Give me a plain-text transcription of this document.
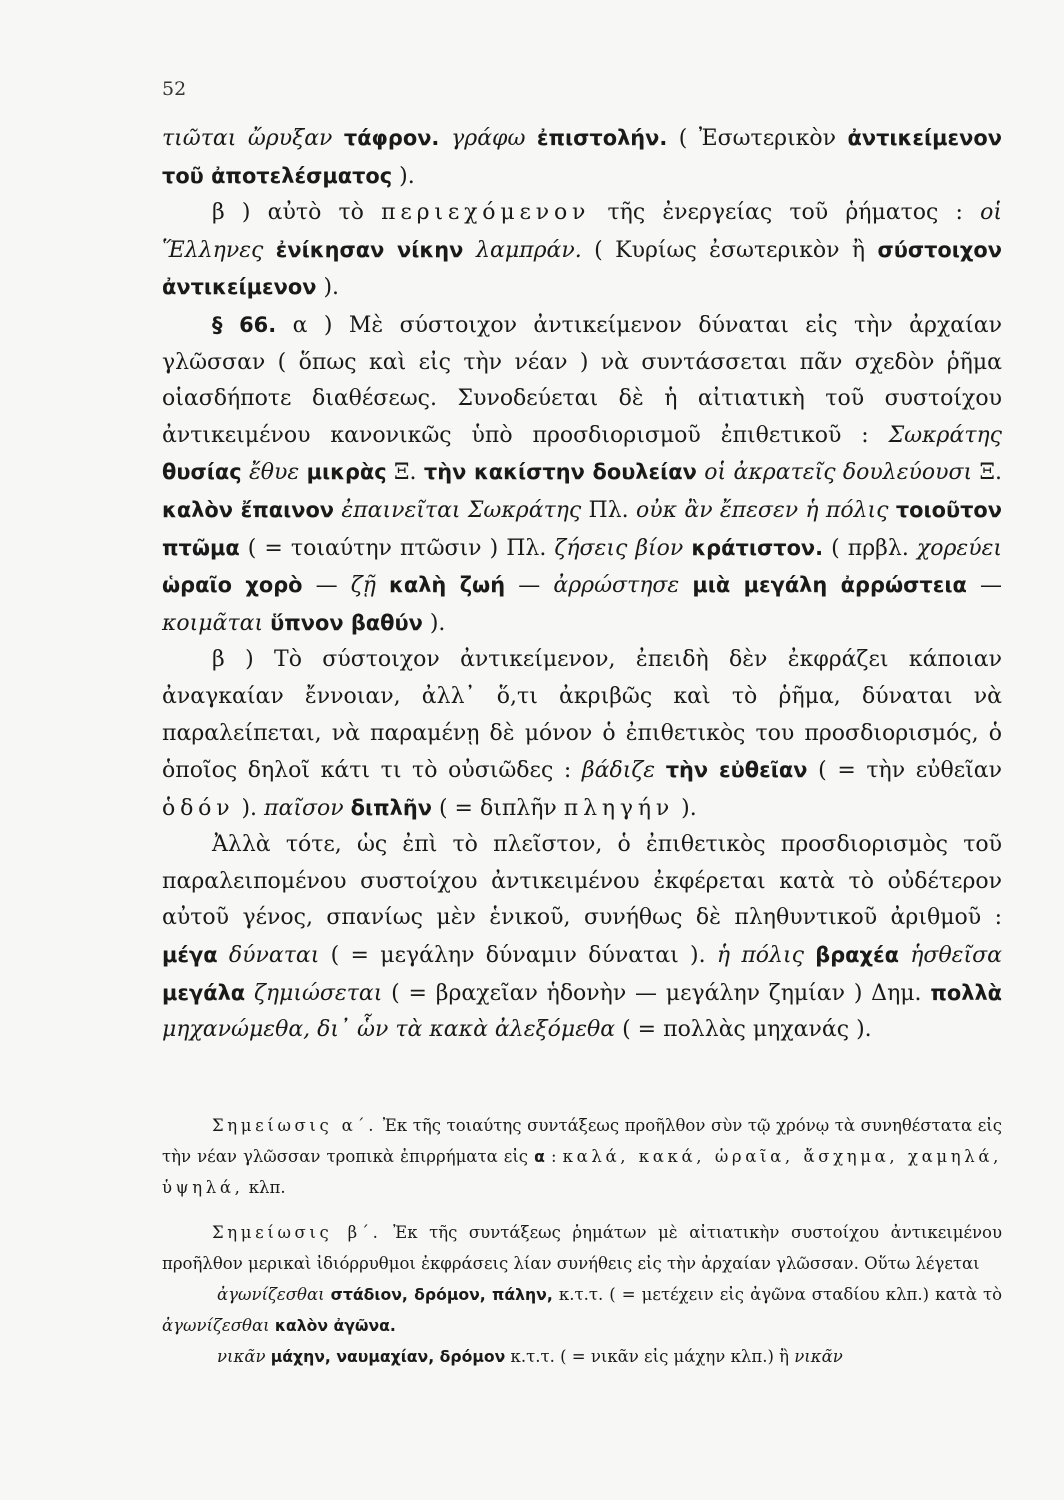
52

τιῶται ὤρυξαν τάφρον. γράφω ἐπιστολήν. ( Ἐσωτερικὸν ἀντικείμενον τοῦ ἀποτελέσματος ).

β ) αὐτὸ τὸ περιεχόμενον τῆς ἐνεργείας τοῦ ῥήματος : οἱ Ἕλληνες ἐνίκησαν νίκην λαμπράν. ( Κυρίως ἐσωτερικὸν ἢ σύστοιχον ἀντικείμενον ).

§ 66. α ) Μὲ σύστοιχον ἀντικείμενον δύναται εἰς τὴν ἀρχαίαν γλῶσσαν ( ὅπως καὶ εἰς τὴν νέαν ) νὰ συντάσσεται πᾶν σχεδὸν ῥῆμα οἱασδήποτε διαθέσεως. Συνοδεύεται δὲ ἡ αἰτιατικὴ τοῦ συστοίχου ἀντικειμένου κανονικῶς ὑπὸ προσδιορισμοῦ ἐπιθετικοῦ : Σωκράτης θυσίας ἔθυε μικρὰς Ξ. τὴν κακίστην δουλείαν οἱ ἀκρατεῖς δουλεύουσι Ξ. καλὸν ἔπαινον ἐπαινεῖται Σωκράτης Πλ. οὐκ ἂν ἔπεσεν ἡ πόλις τοιοῦτον πτῶμα ( = τοιαύτην πτῶσιν ) Πλ. ζήσεις βίον κράτιστον. ( πρβλ. χορεύει ὡραῖο χορὸ — ζῇ καλὴ ζωή — ἀρρώστησε μιὰ μεγάλη ἀρρώστεια — κοιμᾶται ὕπνον βαθύν ).

β ) Τὸ σύστοιχον ἀντικείμενον, ἐπειδὴ δὲν ἐκφράζει κάποιαν ἀναγκαίαν ἔννοιαν, ἀλλ᾽ ὅ,τι ἀκριβῶς καὶ τὸ ῥῆμα, δύναται νὰ παραλείπεται, νὰ παραμένῃ δὲ μόνον ὁ ἐπιθετικὸς του προσδιορισμός, ὁ ὁποῖος δηλοῖ κάτι τι τὸ οὐσιῶδες : βάδιζε τὴν εὐθεῖαν ( = τὴν εὐθεῖαν ὁδόν ). παῖσον διπλῆν ( = διπλῆν πληγήν ).

Ἀλλὰ τότε, ὡς ἐπὶ τὸ πλεῖστον, ὁ ἐπιθετικὸς προσδιορισμὸς τοῦ παραλειπομένου συστοίχου ἀντικειμένου ἐκφέρεται κατὰ τὸ οὐδέτερον αὐτοῦ γένος, σπανίως μὲν ἑνικοῦ, συνήθως δὲ πληθυντικοῦ ἀριθμοῦ : μέγα δύναται ( = μεγάλην δύναμιν δύναται ). ἡ πόλις βραχέα ἡσθεῖσα μεγάλα ζημιώσεται ( = βραχεῖαν ἡδονὴν — μεγάλην ζημίαν ) Δημ. πολλὰ μηχανώμεθα, δι᾽ ὧν τὰ κακὰ ἀλεξόμεθα ( = πολλὰς μηχανάς ).

Σημείωσις α΄. Ἐκ τῆς τοιαύτης συντάξεως προῆλθον σὺν τῷ χρόνῳ τὰ συνηθέστατα εἰς τὴν νέαν γλῶσσαν τροπικὰ ἐπιρρήματα εἰς α : καλά, κακά, ὡραῖα, ἄσχημα, χαμηλά, ὑψηλά, κλπ.

Σημείωσις β΄. Ἐκ τῆς συντάξεως ῥημάτων μὲ αἰτιατικὴν συστοίχου ἀντικειμένου προῆλθον μερικαὶ ἰδιόρρυθμοι ἐκφράσεις λίαν συνήθεις εἰς τὴν ἀρχαίαν γλῶσσαν. Οὕτω λέγεται

ἀγωνίζεσθαι στάδιον, δρόμον, πάλην, κ.τ.τ. ( = μετέχειν εἰς ἀγῶνα σταδίου κλπ.) κατὰ τὸ ἀγωνίζεσθαι καλὸν ἀγῶνα.

νικᾶν μάχην, ναυμαχίαν, δρόμον κ.τ.τ. ( = νικᾶν εἰς μάχην κλπ.) ἢ νικᾶν
